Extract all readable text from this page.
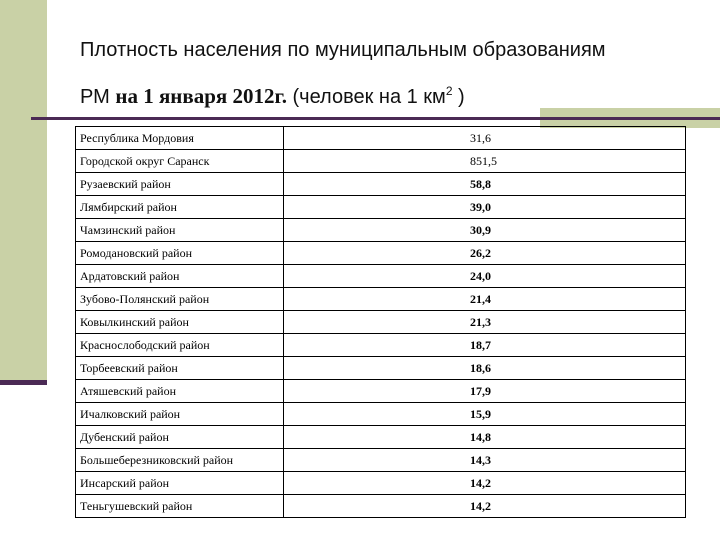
Плотность населения по муниципальным образованиям
РМ на 1 января 2012г. (человек на 1 $км^2$ )
Республика Мордовия	31,6
Городской округ Саранск	851,5
Рузаевский район	58,8
Лямбирский район	39,0
Чамзинский район	30,9
Ромодановский район	26,2
Ардатовский район	24,0
Зубово-Полянский район	21,4
Ковылкинский район	21,3
Краснослободский район	18,7
Торбеевский район	18,6
Атяшевский район	17,9
Ичалковский район	15,9
Дубенский район	14,8
Большеберезниковский район	14,3
Инсарский район	14,2
Теньгушевский район	14,2
